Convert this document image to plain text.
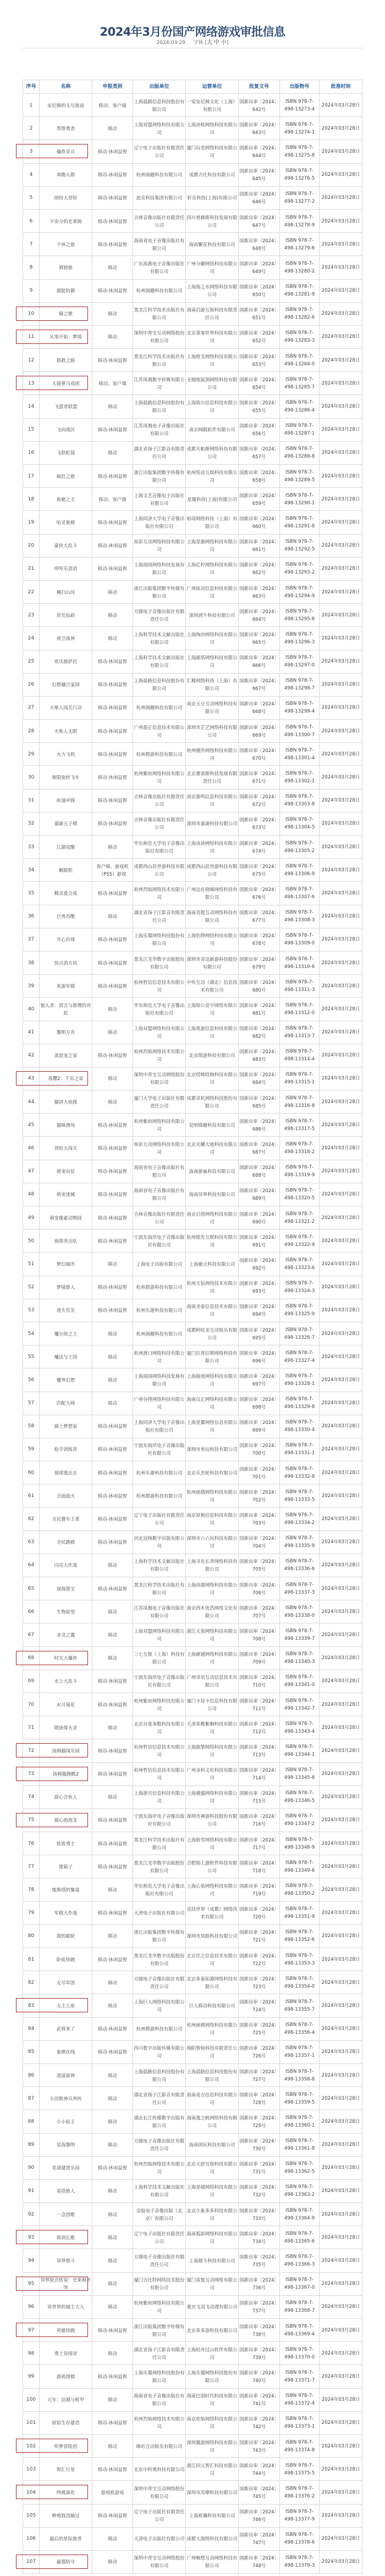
2024年3月份国产网络游戏审批信息
2024-03-29 字体 [大 中 小]
序号	名称	申报类别	出版单位	运营单位	批复文号	出版物号	批准时间
1	安尼姆的无尽旅途	移动、客户端	上海晨路信息科技股份有限公司	一觉安尼姆文化（上海）有限公司	国新出审〔2024〕642号	ISBN 978-7-498-13273-4	2024年03月28日
2	帮帮勇者	移动	上海双盟网络科技有限公司	上海沛炫网络科技有限公司	国新出审〔2024〕643号	ISBN 978-7-498-13274-1	2024年03月28日
3	爆炸奇兵	移动-休闲益智	辽宁电子出版社有限责任公司	厦门玩美网络科技有限公司	国新出审〔2024〕644号	ISBN 978-7-498-13275-8	2024年03月28日
4	奔跑人群	移动-休闲益智	杭州润趣科技有限公司	成都力比科技有限公司	国新出审〔2024〕645号	ISBN 978-7-498-13276-5	2024年03月28日
5	缤纷大冒险	移动-休闲益智	波克科技集团有限公司	轩克科技(上海)有限公司	国新出审〔2024〕646号	ISBN 978-7-498-13277-2	2024年03月28日
6	不安分的史莱姆	移动-休闲益智	吉林音像出版社有限责任公司	四川普赖斯科技发展有限公司	国新出审〔2024〕647号	ISBN 978-7-498-13278-9	2024年03月28日
7	不休之旅	移动-休闲益智	海南省电子音像出版社有限公司	海南繁花科技有限公司	国新出审〔2024〕648号	ISBN 978-7-498-13279-6	2024年03月28日
8	猜猜狼	移动	广东海燕电子音像出版社有限公司	广州分趣网络科技有限公司	国新出审〔2024〕649号	ISBN 978-7-498-13280-2	2024年03月28日
9	超能防御	移动-休闲益智	杭州润趣科技有限公司	上海海之水网络科技有限公司	国新出审〔2024〕650号	ISBN 978-7-498-13281-9	2024年03月28日
10	椿之歌	移动	黑龙江科学技术出版社有限公司	海南启游互娱科技有限责任公司	国新出审〔2024〕651号	ISBN 978-7-498-13282-6	2024年03月28日
11	从零开始：梦境	移动	深圳中青宝互动网络股份有限公司	北京第零世界科技有限公司	国新出审〔2024〕652号	ISBN 978-7-498-13283-3	2024年03月28日
12	搭救之路	移动-休闲益智	黑龙江科学技术出版社有限公司	上海格戈网络科技有限公司	国新出审〔2024〕653号	ISBN 978-7-498-13284-0	2024年03月28日
13	大菠萝马戏团	移动、客户端	江苏凤凰数字传媒有限公司	无锡地鼠洞网络科技有限公司	国新出审〔2024〕654号	ISBN 978-7-498-13285-7	2024年03月28日
14	飞蛋者联盟	移动	上海晨路信息科技股份有限公司	上海娱公信息科技有限公司	国新出审〔2024〕655号	ISBN 978-7-498-13286-4	2024年03月28日
15	飞向战区	移动-休闲益智	江苏凤凰电子音像出版社有限公司	南京网眼软件有限公司	国新出审〔2024〕656号	ISBN 978-7-498-13287-1	2024年03月28日
16	飞跃虹镜	移动	湖北省扬子江影音有限责任公司	成都凡帕斯网络科技有限公司	国新出审〔2024〕657号	ISBN 978-7-498-13288-8	2024年03月28日
17	疯狂之旅	移动-休闲益智	浙江出版集团数字传媒有限公司	杭州悦动互娱科技有限公司	国新出审〔2024〕658号	ISBN 978-7-498-13289-5	2024年03月28日
18	诡秘之主	移动、客户端	上海文艺音像电子出版社有限公司	星臻科技(上海)有限公司	国新出审〔2024〕659号	ISBN 978-7-498-13290-1	2024年03月28日
19	哈灵象棋	移动-休闲益智	上海同济大学电子音像出版社有限公司	柏项网络科技（上海）有限公司	国新出审〔2024〕660号	ISBN 978-7-498-13291-8	2024年03月28日
20	豪侠大乱斗	移动-休闲益智	炫彩互动网络科技有限公司	上海星骏网络科技有限公司	国新出审〔2024〕661号	ISBN 978-7-498-13292-5	2024年03月28日
21	哼哼乐消消	移动-休闲益智	上海商国网络科技发展有限公司	上海亿柠网络科技有限公司	国新出审〔2024〕662号	ISBN 978-7-498-13293-2	2024年03月28日
22	横扫山河	移动	浙江出版集团数字传媒有限公司	广州炫动信息科技有限公司	国新出审〔2024〕663号	ISBN 978-7-498-13294-9	2024年03月28日
23	洪荒仙韵	移动	方圆电子音像出版社有限责任公司	深圳鸿午科技有限公司	国新出审〔2024〕664号	ISBN 978-7-498-13295-6	2024年03月28日
24	虎卫战神	移动	上海科学技术文献出版社有限公司	上海绚沙网络科技有限公司	国新出审〔2024〕665号	ISBN 978-7-498-13296-3	2024年03月28日
25	欢乐披萨店	移动-休闲益智	上海科学技术文献出版社有限公司	上海邮塔网络科技有限公司	国新出审〔2024〕666号	ISBN 978-7-498-13297-0	2024年03月28日
26	幻想融合家园	移动-休闲益智	上海晨路信息科技股份有限公司	汇稀网络科技（上海）有限公司	国新出审〔2024〕667号	ISBN 978-7-498-13298-7	2024年03月28日
27	火柴人闯关行动	移动-休闲益智	杭州润趣科技有限公司	南京天豆互动网络科技有限公司	国新出审〔2024〕668号	ISBN 978-7-498-13299-4	2024年03月28日
28	火柴人无限	移动-休闲益智	广州盈正信息技术有限公司	深圳市芷艺网络科技有限公司	国新出审〔2024〕669号	ISBN 978-7-498-13300-7	2024年03月28日
29	火力飞机	移动-休闲益智	杭州群游科技有限公司	杭州圈外网络科技有限公司	国新出审〔2024〕670号	ISBN 978-7-498-13301-4	2024年03月28日
30	极限旋转飞车	移动-休闲益智	杭州紫府网络科技有限公司	北京赛诺斯科技发展有限责任公司	国新出审〔2024〕671号	ISBN 978-7-498-13302-1	2024年03月28日
31	疾速冲锋	移动-休闲益智	吉林音像出版社有限责任公司	南京游鸣信息科技有限公司	国新出审〔2024〕672号	ISBN 978-7-498-13303-8	2024年03月28日
32	嘉渝五子棋	移动-休闲益智	吉林音像出版社有限责任公司	深圳市嘉渝科技有限公司	国新出审〔2024〕673号	ISBN 978-7-498-13304-5	2024年03月28日
33	江湖觉醒	移动	华东师范大学电子音像出版社有限公司	上海冰块网络科技有限公司	国新出审〔2024〕674号	ISBN 978-7-498-13305-2	2024年03月28日
34	解限机	客户端、游戏机（PS5）游戏	成都西山居世游科技有限公司	成都西山居世游科技有限公司	国新出审〔2024〕675号	ISBN 978-7-498-13306-9	2024年03月28日
35	精灵爱合成	移动-休闲益智	杭州烈焰网络技术有限公司	广州边在晓峰网络科技有限公司	国新出审〔2024〕676号	ISBN 978-7-498-13307-6	2024年03月28日
36	巨兽苏醒	移动	湖北省扬子江影音有限责任公司	海南菩提互动网络科技有限公司	国新出审〔2024〕677号	ISBN 978-7-498-13308-3	2024年03月28日
37	开心台球	移动-休闲益智	上海乐蜀网络科技股份有限公司	上海怡铮网络科技有限公司	国新出审〔2024〕678号	ISBN 978-7-498-13309-0	2024年03月28日
38	快点消方块	移动-休闲益智	黑龙江龙华数字出版股份有限公司	深圳市奇迅新游科技股份有限公司	国新出审〔2024〕679号	ISBN 978-7-498-13310-6	2024年03月28日
39	来游军棋	移动-休闲益智	杭州哲信信息技术有限公司	中传互动（湖北）信息技术有限公司	国新出审〔2024〕680号	ISBN 978-7-498-13311-3	2024年03月28日
40	狼人杀：谎言与推理的对抗	移动	华东师范大学电子音像出版社有限公司	上海娱公竞宇网络有限公司	国新出审〔2024〕681号	ISBN 978-7-498-13312-0	2024年03月28日
41	黎明方舟	移动	上海双盟网络科技有限公司	上海爽游信息科技有限公司	国新出审〔2024〕682号	ISBN 978-7-498-13313-7	2024年03月28日
42	流浪宠之家	移动-休闲益智	杭州烈焰网络技术有限公司	北京简游科技有限公司	国新出审〔2024〕683号	ISBN 978-7-498-13314-4	2024年03月28日
43	落樱2：千乐之章	移动	深圳中青宝互动网络股份有限公司	北京哎呦哎呦科技有限公司	国新出审〔2024〕684号	ISBN 978-7-498-13315-1	2024年03月28日
44	猫饼大侦探	移动	厦门大学电子出版社有限责任公司	成都卓杭网络科技股份有限公司	国新出审〔2024〕685号	ISBN 978-7-498-13316-8	2024年03月28日
45	猫咪渔场	移动-休闲益智	杭州紫府网络科技有限公司	昆明锋趣科技有限公司	国新出审〔2024〕686号	ISBN 978-7-498-13317-5	2024年03月28日
46	冒险大闯关	移动-休闲益智	炫彩互动网络科技有限公司	北京光耀大地科技有限公司	国新出审〔2024〕687号	ISBN 978-7-498-13318-2	2024年03月28日
47	萌宠出征	移动-休闲益智	海南省电子音像出版社有限公司	海南游巢科技有限公司	国新出审〔2024〕688号	ISBN 978-7-498-13319-9	2024年03月28日
48	萌宠迷城	移动-休闲益智	海南省电子音像出版社有限公司	海南异界科技有限公司	国新出审〔2024〕689号	ISBN 978-7-498-13320-5	2024年03月28日
49	萌宠像素动物园	移动-休闲益智	吉林音像出版社有限责任公司	南京启创网络科技有限公司	国新出审〔2024〕690号	ISBN 978-7-498-13321-2	2024年03月28日
50	萌果突击队	移动-休闲益智	宁波东海岸电子音像出版社有限公司	杭州铭先互联科技有限公司	国新出审〔2024〕691号	ISBN 978-7-498-13322-9	2024年03月28日
51	梦幻城市	移动	上海电子出版有限公司	上海驰元科技有限公司	国新出审〔2024〕692号	ISBN 978-7-498-13323-6	2024年03月28日
52	梦境旅人	移动-休闲益智	杭州群游科技有限公司	杭州天钻网络技术有限公司	国新出审〔2024〕693号	ISBN 978-7-498-13324-3	2024年03月28日
53	迷失荒芜	移动-休闲益智	杭州乐港科技有限公司	海南圣泰信息技术有限公司	国新出审〔2024〕694号	ISBN 978-7-498-13325-0	2024年03月28日
54	魔尔街之王	移动	杭州润趣科技有限公司	成都阿哇龙互动娱乐有限公司	国新出审〔2024〕695号	ISBN 978-7-498-13326-7	2024年03月28日
55	魔法与王国	移动	杭州渡口网络科技有限公司	厦门拉普拉斯网络科技有限公司	国新出审〔2024〕696号	ISBN 978-7-498-13327-4	2024年03月28日
56	魔界幻想	移动	上海商国网络科技发展有限公司	上海圆戏网络科技有限公司	国新出审〔2024〕697号	ISBN 978-7-498-13328-1	2024年03月28日
57	匹配大师	移动	广州谷得网络科技有限公司	海南汉正网络科技有限公司	国新出审〔2024〕698号	ISBN 978-7-498-13329-8	2024年03月28日
58	骑士梦想家	移动-休闲益智	上海同济大学电子音像出版社有限公司	上海星翼网络信息有限公司	国新出审〔2024〕699号	ISBN 978-7-498-13330-4	2024年03月28日
59	枪手训练营	移动-休闲益智	宁波东海岸电子音像出版社有限公司	深圳市来玩科技有限公司	国新出审〔2024〕700号	ISBN 978-7-498-13331-1	2024年03月28日
60	球球逃出去	移动-休闲益智	杭州乐港科技有限公司	北京乐杰轮科技有限公司	国新出审〔2024〕701号	ISBN 978-7-498-13332-8	2024年03月28日
61	全面战火	移动-休闲益智	杭州群游科技有限公司	杭州画猜网络科技有限公司	国新出审〔2024〕702号	ISBN 978-7-498-13333-5	2024年03月28日
62	全民赛车王者	移动-休闲益智	辽宁电子出版社有限责任公司	南京原极信息科技有限公司	国新出审〔2024〕703号	ISBN 978-7-498-13334-2	2024年03月28日
63	全民跳棋	移动-休闲益智	河北冠林数字出版有限公司	深圳市六六玩科技有限公司	国新出审〔2024〕704号	ISBN 978-7-498-13335-9	2024年03月28日
64	闪亮大作战	移动	上海科学技术文献出版社有限公司	上海寻光长青网络科技有限公司	国新出审〔2024〕705号	ISBN 978-7-498-13336-6	2024年03月28日
65	深海猎宝	移动-休闲益智	黑龙江科学技术出版社有限公司	上海尚迦网络科技有限公司	国新出审〔2024〕706号	ISBN 978-7-498-13337-3	2024年03月28日
66	生物原型	移动	江苏凤凰电子音像出版社有限公司	南京西木优浩网络文化有限公司	国新出审〔2024〕707号	ISBN 978-7-498-13338-0	2024年03月28日
67	圣灵之翼	移动	上海双盟网络科技有限公司	浙江天栾网络科技有限公司	国新出审〔2024〕708号	ISBN 978-7-498-13339-7	2024年03月28日
68	时光大爆炸	移动	三七互娱（上海）科技有限公司	上海硬通网络科技有限公司	国新出审〔2024〕709号	ISBN 978-7-498-13340-3	2024年03月28日
69	水上大乱斗	移动-休闲益智	宁波东海岸电子音像出版社有限公司	广州卓讯互动信息技术有限公司	国新出审〔2024〕710号	ISBN 978-7-498-13341-0	2024年03月28日
70	水月镜花	移动-休闲益智	杭州紫府网络科技有限公司	厦门卡昆卡信息科技有限公司	国新出审〔2024〕711号	ISBN 978-7-498-13342-7	2024年03月28日
71	隋唐烽火录	移动	北京百度多酷科技有限公司	天津多酷紫桐科技有限公司	国新出审〔2024〕712号	ISBN 978-7-498-13343-4	2024年03月28日
72	汤姆猫闯乐园	移动-休闲益智	杭州哲信信息技术有限公司	上海励挚网络科技有限公司	国新出审〔2024〕713号	ISBN 978-7-498-13344-1	2024年03月28日
73	汤姆猫跑酷2	移动-休闲益智	杭州哲信信息技术有限公司	广州金科文化科技有限公司	国新出审〔2024〕714号	ISBN 978-7-498-13345-8	2024年03月28日
74	甜心合伙人	移动	上海游贝信息科技有限公司	上海越盛网络科技有限公司	国新出审〔2024〕715号	ISBN 978-7-498-13346-5	2024年03月28日
75	甜心泡泡龙	移动-休闲益智	宁波东海岸电子音像出版社有限公司	深圳市禅游科技股份有限公司	国新出审〔2024〕716号	ISBN 978-7-498-13347-2	2024年03月28日
76	铁盾勇士	移动-休闲益智	黑龙江科学技术出版社有限公司	上海娇雪网络科技有限公司	国新出审〔2024〕717号	ISBN 978-7-498-13348-9	2024年03月28日
77	推箱子	移动-休闲益智	黑龙江龙华数字出版股份有限公司	合肥指上游软件科技有限公司	国新出审〔2024〕718号	ISBN 978-7-498-13349-6	2024年03月28日
78	维斯塔的餐桌	移动	华东师范大学电子音像出版社有限公司	上海心染网络科技有限公司	国新出审〔2024〕719号	ISBN 978-7-498-13350-2	2024年03月28日
79	军棋大作战	移动-休闲益智	天津电子出版社有限公司	竞技世界（成都）网络技术有限公司	国新出审〔2024〕720号	ISBN 978-7-498-13351-9	2024年03月28日
80	我的邮轮	移动	浙江出版集团数字传媒有限公司	深圳市风眼科技有限公司	国新出审〔2024〕721号	ISBN 978-7-498-13352-6	2024年03月28日
81	卧底快跑	移动-休闲益智	黑龙江龙华数字出版股份有限公司	北京任之信息技术有限公司	国新出审〔2024〕722号	ISBN 978-7-498-13353-3	2024年03月28日
82	无尽军团	移动	方圆电子音像出版社有限责任公司	北京多泰拓源网络科技有限公司	国新出审〔2024〕723号	ISBN 978-7-498-13354-0	2024年03月28日
83	无主王座	移动	上海巨人网络科技有限公司	巨人移动科技有限公司	国新出审〔2024〕724号	ISBN 978-7-498-13355-7	2024年03月28日
84	武将来了	移动-休闲益智	杭州群游科技有限公司	杭州画猜网络科技有限公司	国新出审〔2024〕725号	ISBN 978-7-498-13356-4	2024年03月28日
85	象棋在线	移动-休闲益智	四川数字出版传媒有限公司	绵阳智如科技有限责任公司	国新出审〔2024〕726号	ISBN 978-7-498-13357-1	2024年03月28日
86	逍遥雷神	移动	上海晨路信息科技股份有限公司	上海晨路信息科技股份有限公司	国新出审〔2024〕727号	ISBN 978-7-498-13358-8	2024年03月28日
87	小浣熊神兵列传	移动	湖北省扬子江影音有限责任公司	海南麦吉信息科技有限公司	国新出审〔2024〕728号	ISBN 978-7-498-13359-5	2024年03月28日
88	小小仙王	移动	湖北长江传媒数字出版有限公司	海南逸之帆网络科技有限公司	国新出审〔2024〕729号	ISBN 978-7-498-13360-1	2024年03月28日
89	星海黎明	移动	方圆电子音像出版社有限责任公司	海南团玩科技有限公司	国新出审〔2024〕730号	ISBN 978-7-498-13361-8	2024年03月28日
90	星球建造乐园	移动-休闲益智	杭州烈焰网络技术有限公司	北京天舒互娱科技有限公司	国新出审〔2024〕731号	ISBN 978-7-498-13362-5	2024年03月28日
91	星塔旅人	移动	上海科学技术文献出版社有限公司	上海星啸网络科技有限公司	国新出审〔2024〕732号	ISBN 978-7-498-13363-2	2024年03月28日
92	一念创歌	移动	金报电子音像出版（北京）有限公司	北京小象多多科技有限公司	国新出审〔2024〕733号	ISBN 978-7-498-13364-9	2024年03月28日
93	倚剑长歌	移动	辽宁电子出版社有限责任公司	海南狐影网络科技有限公司	国新出审〔2024〕734号	ISBN 978-7-498-13365-6	2024年03月28日
94	异界格斗	移动	方圆电子音像出版社有限责任公司	上海超斗科技有限公司	国新出审〔2024〕735号	ISBN 978-7-498-13366-3	2024年03月28日
95	异界原点传说：史莱姆不哭	移动	厦门吉比特网络技术股份有限公司	厦门雷霆互动网络有限公司	国新出审〔2024〕736号	ISBN 978-7-498-13367-0	2024年03月28日
96	异世界的城主大人	移动	杭州紫府网络科技有限公司	重庆飞羽飞动漫有限公司	国新出审〔2024〕737号	ISBN 978-7-498-13368-7	2024年03月28日
97	英雄快跑	移动-休闲益智	浙江出版集团数字传媒有限公司	北京多多游科技有限公司	国新出审〔2024〕738号	ISBN 978-7-498-13369-4	2024年03月28日
98	勇士异闻录	移动	湖北省扬子江影音有限责任公司	上海轻舟过山软件有限公司	国新出审〔2024〕739号	ISBN 978-7-498-13370-0	2024年03月28日
99	游苑围棋	移动-休闲益智	上海乐蜀网络科技股份有限公司	上海乐蜀网络科技股份有限公司	国新出审〔2024〕740号	ISBN 978-7-498-13371-7	2024年03月28日
100	元年：法源与机甲	移动	海南省电子音像出版社有限公司	海南巴别时代科技有限公司	国新出审〔2024〕741号	ISBN 978-7-498-13372-4	2024年03月28日
101	原始生存建造	移动-休闲益智	杭州烈焰网络技术有限公司	南京伦焰网络科技有限公司	国新出审〔2024〕742号	ISBN 978-7-498-13373-1	2024年03月28日
102	织梦冒险团	移动	咪咕互动娱乐有限公司	深圳翼游网络科技有限公司	国新出审〔2024〕743号	ISBN 978-7-498-13374-8	2024年03月28日
103	智汇行星	移动-休闲益智	北京中科奥科技有限公司	浙江同元智汇科技有限公司	国新出审〔2024〕744号	ISBN 978-7-498-13375-5	2024年03月28日
104	终极演化	游戏机游戏	深圳中青宝互动网络股份有限公司	深圳市苏摩科技有限公司	国新出审〔2024〕745号	ISBN 978-7-498-13376-2	2024年03月28日
105	种地我没输过	移动-休闲益智	辽宁电子出版社有限责任公司	上海桥瀚科技有限公司	国新出审〔2024〕746号	ISBN 978-7-498-13377-9	2024年03月28日
106	最后的星际旅者	移动	天津电子出版社有限公司	成都大海怪科技有限公司	国新出审〔2024〕747号	ISBN 978-7-498-13378-6	2024年03月28日
107	最强防守	移动	深圳中青宝互动网络股份有限公司	广州畅想互动网络科技有限公司	国新出审〔2024〕748号	ISBN 978-7-498-13379-3	2024年03月28日
